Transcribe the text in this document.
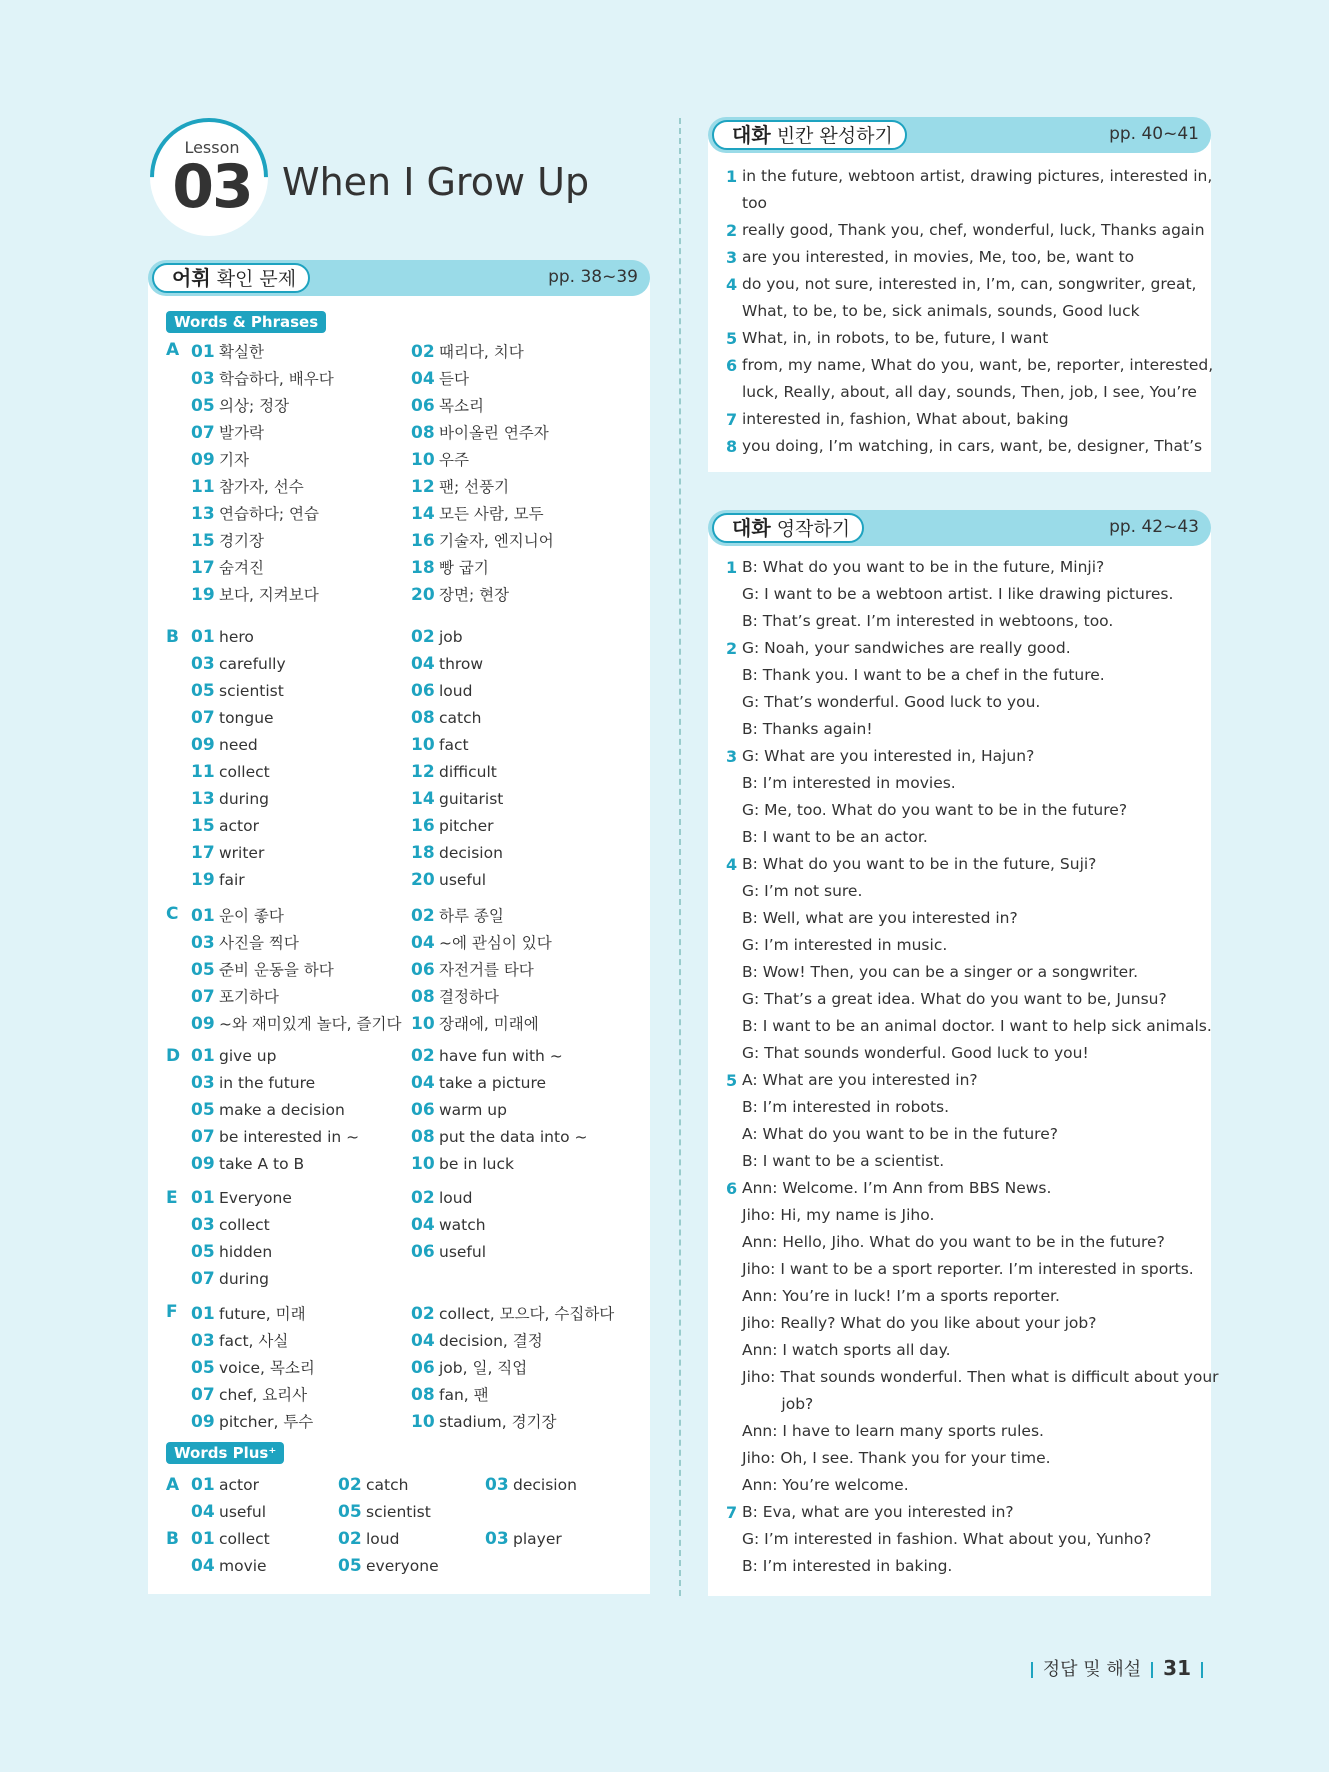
Lesson
03 When I Grow Up
어휘 확인 문제	pp. 38~39
Words & Phrases
A 01 확실한	02 때리다, 치다
03 학습하다, 배우다	04 듣다
05 의상; 정장	06 목소리
07 발가락	08 바이올린 연주자
09 기자	10 우주
11 참가자, 선수	12 팬; 선풍기
13 연습하다; 연습	14 모든 사람, 모두
15 경기장	16 기술자, 엔지니어
17 숨겨진	18 빵 굽기
19 보다, 지켜보다	20 장면; 현장
B 01 hero	02 job
03 carefully	04 throw
05 scientist	06 loud
07 tongue	08 catch
09 need	10 fact
11 collect	12 difficult
13 during	14 guitarist
15 actor	16 pitcher
17 writer	18 decision
19 fair	20 useful
C 01 운이 좋다	02 하루 종일
03 사진을 찍다	04 ~에 관심이 있다
05 준비 운동을 하다	06 자전거를 타다
07 포기하다	08 결정하다
09 ~와 재미있게 놀다, 즐기다 10 장래에, 미래에
D 01 give up	02 have fun with ~
03 in the future	04 take a picture
05 make a decision	06 warm up
07 be interested in ~	08 put the data into ~
09 take A to B	10 be in luck
E 01 Everyone	02 loud
03 collect	04 watch
05 hidden	06 useful
07 during
F 01 future, 미래	02 collect, 모으다, 수집하다
03 fact, 사실	04 decision, 결정
05 voice, 목소리	06 job, 일, 직업
07 chef, 요리사	08 fan, 팬
09 pitcher, 투수	10 stadium, 경기장
Words Plus⁺
A 01 actor	02 catch	03 decision
04 useful	05 scientist
B 01 collect	02 loud	03 player
04 movie	05 everyone
대화 빈칸 완성하기	pp. 40~41
1 in the future, webtoon artist, drawing pictures, interested in,
too
2 really good, Thank you, chef, wonderful, luck, Thanks again
3 are you interested, in movies, Me, too, be, want to
4 do you, not sure, interested in, I’m, can, songwriter, great,
What, to be, to be, sick animals, sounds, Good luck
5 What, in, in robots, to be, future, I want
6 from, my name, What do you, want, be, reporter, interested,
luck, Really, about, all day, sounds, Then, job, I see, You’re
7 interested in, fashion, What about, baking
8 you doing, I’m watching, in cars, want, be, designer, That’s
대화 영작하기	pp. 42~43
1 B: What do you want to be in the future, Minji?
G: I want to be a webtoon artist. I like drawing pictures.
B: That’s great. I’m interested in webtoons, too.
2 G: Noah, your sandwiches are really good.
B: Thank you. I want to be a chef in the future.
G: That’s wonderful. Good luck to you.
B: Thanks again!
3 G: What are you interested in, Hajun?
B: I’m interested in movies.
G: Me, too. What do you want to be in the future?
B: I want to be an actor.
4 B: What do you want to be in the future, Suji?
G: I’m not sure.
B: Well, what are you interested in?
G: I’m interested in music.
B: Wow! Then, you can be a singer or a songwriter.
G: That’s a great idea. What do you want to be, Junsu?
B: I want to be an animal doctor. I want to help sick animals.
G: That sounds wonderful. Good luck to you!
5 A: What are you interested in?
B: I’m interested in robots.
A: What do you want to be in the future?
B: I want to be a scientist.
6 Ann: Welcome. I’m Ann from BBS News.
Jiho: Hi, my name is Jiho.
Ann: Hello, Jiho. What do you want to be in the future?
Jiho: I want to be a sport reporter. I’m interested in sports.
Ann: You’re in luck! I’m a sports reporter.
Jiho: Really? What do you like about your job?
Ann: I watch sports all day.
Jiho: That sounds wonderful. Then what is difficult about your
job?
Ann: I have to learn many sports rules.
Jiho: Oh, I see. Thank you for your time.
Ann: You’re welcome.
7 B: Eva, what are you interested in?
G: I’m interested in fashion. What about you, Yunho?
B: I’m interested in baking.
정답 및 해설 31
